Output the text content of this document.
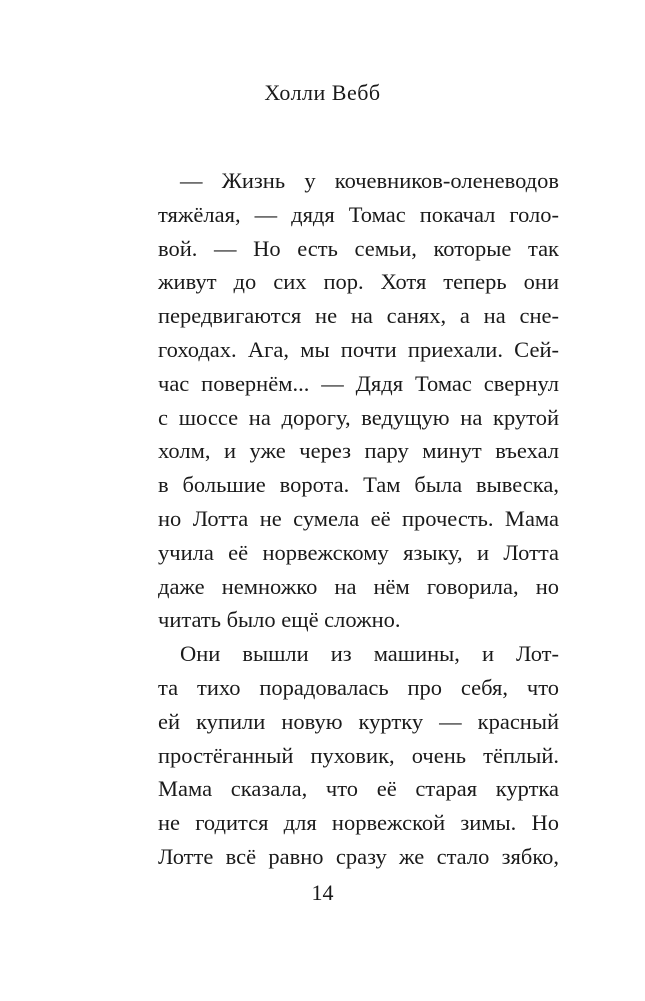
Холли Вебб
— Жизнь у кочевников-оленеводов
тяжёлая, — дядя Томас покачал голо-
вой. — Но есть семьи, которые так
живут до сих пор. Хотя теперь они
передвигаются не на санях, а на сне-
гоходах. Ага, мы почти приехали. Сей-
час повернём... — Дядя Томас свернул
с шоссе на дорогу, ведущую на крутой
холм, и уже через пару минут въехал
в большие ворота. Там была вывеска,
но Лотта не сумела её прочесть. Мама
учила её норвежскому языку, и Лотта
даже немножко на нём говорила, но
читать было ещё сложно.
Они вышли из машины, и Лот-
та тихо порадовалась про себя, что
ей купили новую куртку — красный
простёганный пуховик, очень тёплый.
Мама сказала, что её старая куртка
не годится для норвежской зимы. Но
Лотте всё равно сразу же стало зябко,
14
